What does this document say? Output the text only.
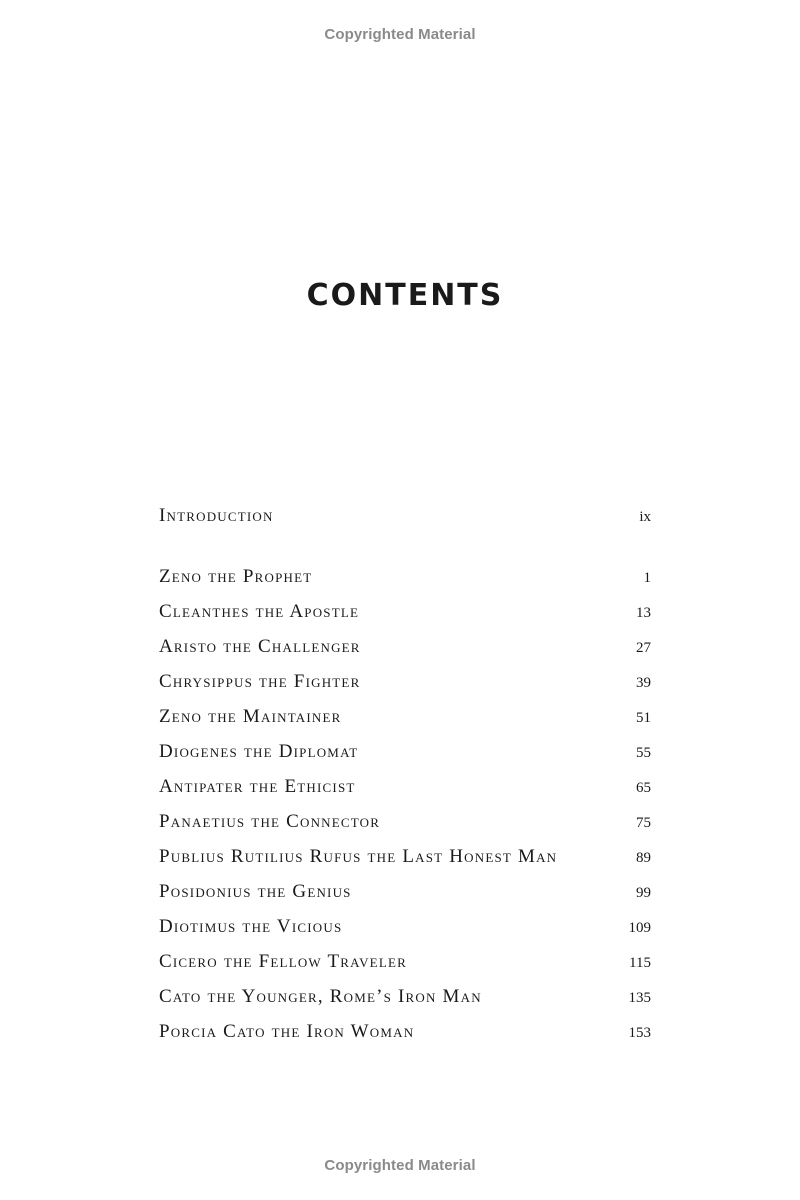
Copyrighted Material
CONTENTS
Introduction	ix
Zeno the Prophet	1
Cleanthes the Apostle	13
Aristo the Challenger	27
Chrysippus the Fighter	39
Zeno the Maintainer	51
Diogenes the Diplomat	55
Antipater the Ethicist	65
Panaetius the Connector	75
Publius Rutilius Rufus the Last Honest Man	89
Posidonius the Genius	99
Diotimus the Vicious	109
Cicero the Fellow Traveler	115
Cato the Younger, Rome’s Iron Man	135
Porcia Cato the Iron Woman	153
Copyrighted Material
